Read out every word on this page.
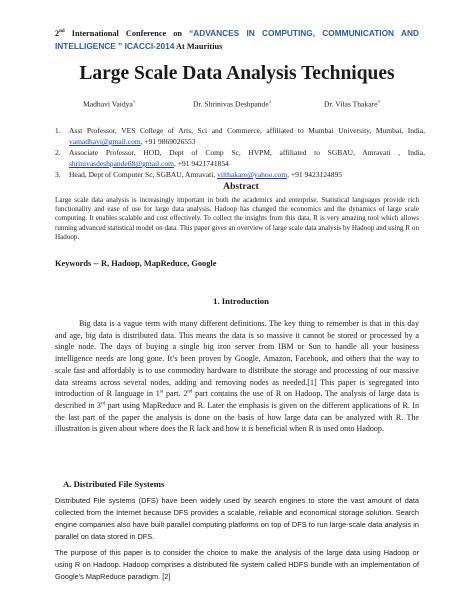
2nd International Conference on “ADVANCES IN COMPUTING, COMMUNICATION AND INTELLIGENCE ” ICACCI-2014 At Mauritius
Large Scale Data Analysis Techniques
Madhavi Vaidya$^1$	Dr. Shrinivas Deshpande$^2$	Dr. Vilas Thakare$^3$
1.	Asst Professor, VES College of Arts, Sci and Commerce, affiliated to Mumbai University, Mumbai, India, vamadhavi@gmail.com, +91 9869026553
2.	Associate Professor, HOD, Dept of Comp Sc, HVPM, affiliated to SGBAU, Amravati , India, shrinivasdeshpande68@gmail.com, +91 9421741854
3.	Head, Dept of Computer Sc, SGBAU, Amravati, vilthakare@yahoo.com, +91 9423124895
Abstract

Large scale data analysis is increasingly important in both the academics and enterprise. Statistical languages provide rich functionality and ease of use for large data analysis. Hadoop has changed the economics and the dynamics of large scale computing. It enables scalable and cost effectively. To collect the insights from this data, R is very amazing tool which allows running advanced statistical model on data. This paper gives an overview of large scale data analysis by Hadoop and using R on Hadoop.

Keywords -- R, Hadoop, MapReduce, Google

1. Introduction

Big data is a vague term with many different definitions. The key thing to remember is that in this day and age, big data is distributed data. This means the data is so massive it cannot be stored or processed by a single node. The days of buying a single big iron server from IBM or Sun to handle all your business intelligence needs are long gone. It’s been proven by Google, Amazon, Facebook, and others that the way to scale fast and affordably is to use commodity hardware to distribute the storage and processing of our massive data streams across several nodes, adding and removing nodes as needed.[1] This paper is segregated into introduction of R language in 1st part. 2nd part contains the use of R on Hadoop. The analysis of large data is described in 3rd part using MapReduce and R. Later the emphasis is given on the different applications of R. In the last part of the paper the analysis is done on the basis of how large data can be analyzed with R. The illustration is given about where does the R lack and how it is beneficial when R is used onto Hadoop.

A. Distributed File Systems

Distributed File systems (DFS) have been widely used by search engines to store the vast amount of data collected from the Internet because DFS provides a scalable, reliable and economical storage solution. Search engine companies also have built parallel computing platforms on top of DFS to run large-scale data analysis in parallel on data stored in DFS.

The purpose of this paper is to consider the choice to make the analysis of the large data using Hadoop or using R on Hadoop. Hadoop comprises a distributed file system called HDFS bundle with an implementation of Google’s MapReduce paradigm. [2]
